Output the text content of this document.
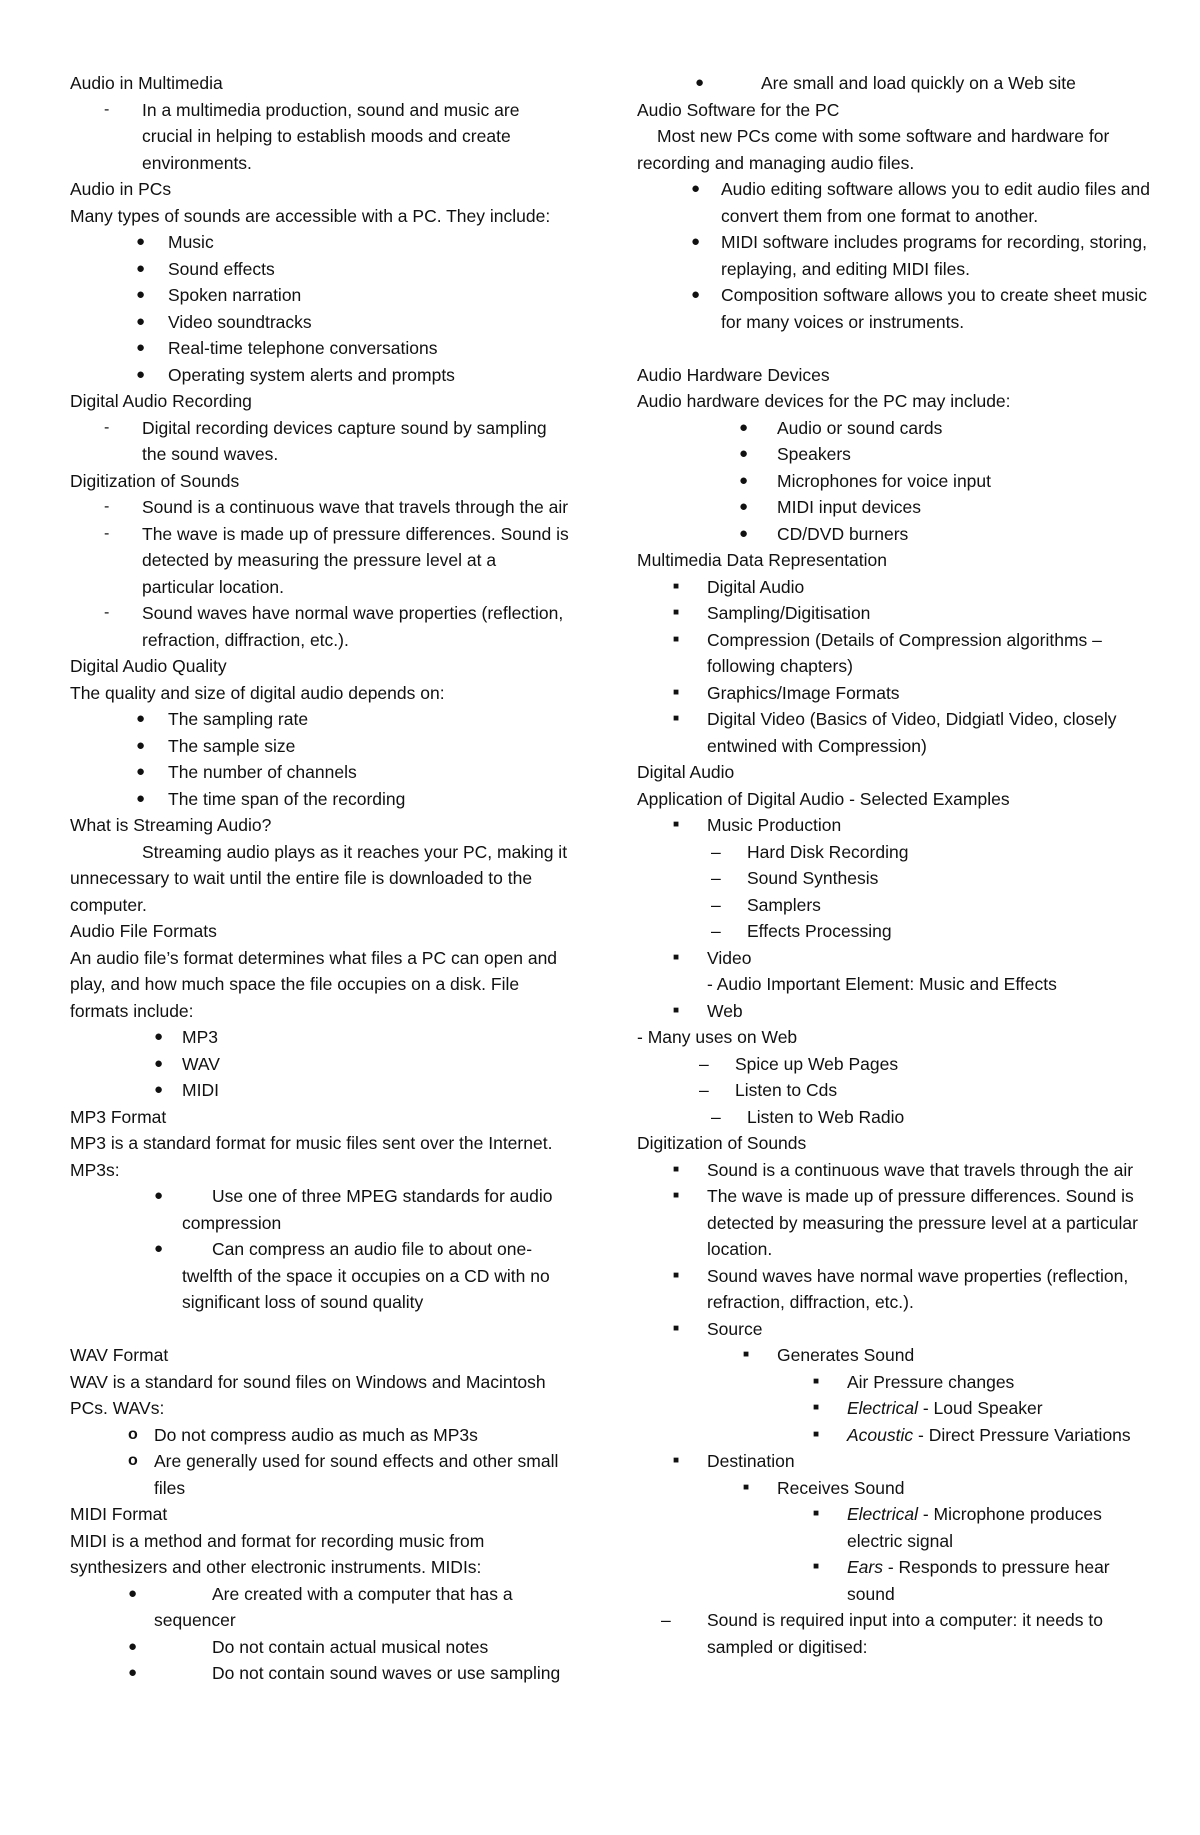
Audio in Multimedia
- In a multimedia production, sound and music are crucial in helping to establish moods and create environments.
Audio in PCs
Many types of sounds are accessible with a PC. They include:
● Music
● Sound effects
● Spoken narration
● Video soundtracks
● Real-time telephone conversations
● Operating system alerts and prompts
Digital Audio Recording
- Digital recording devices capture sound by sampling the sound waves.
Digitization of Sounds
- Sound is a continuous wave that travels through the air
- The wave is made up of pressure differences. Sound is detected by measuring the pressure level at a particular location.
- Sound waves have normal wave properties (reflection, refraction, diffraction, etc.).
Digital Audio Quality
The quality and size of digital audio depends on:
● The sampling rate
● The sample size
● The number of channels
● The time span of the recording
What is Streaming Audio?
Streaming audio plays as it reaches your PC, making it unnecessary to wait until the entire file is downloaded to the computer.
Audio File Formats
An audio file’s format determines what files a PC can open and play, and how much space the file occupies on a disk. File formats include:
● MP3
● WAV
● MIDI
MP3 Format
MP3 is a standard format for music files sent over the Internet. MP3s:
●	Use one of three MPEG standards for audio compression
●	Can compress an audio file to about one-twelfth of the space it occupies on a CD with no significant loss of sound quality
WAV Format
WAV is a standard for sound files on Windows and Macintosh PCs. WAVs:
o Do not compress audio as much as MP3s
o Are generally used for sound effects and other small files
MIDI Format
MIDI is a method and format for recording music from synthesizers and other electronic instruments. MIDIs:
●	Are created with a computer that has a sequencer
●	Do not contain actual musical notes
●	Do not contain sound waves or use sampling
●	Are small and load quickly on a Web site
Audio Software for the PC
Most new PCs come with some software and hardware for recording and managing audio files.
● Audio editing software allows you to edit audio files and convert them from one format to another.
● MIDI software includes programs for recording, storing, replaying, and editing MIDI files.
● Composition software allows you to create sheet music for many voices or instruments.
Audio Hardware Devices
Audio hardware devices for the PC may include:
● Audio or sound cards
● Speakers
● Microphones for voice input
● MIDI input devices
● CD/DVD burners
Multimedia Data Representation
■ Digital Audio
■ Sampling/Digitisation
■ Compression (Details of Compression algorithms – following chapters)
■ Graphics/Image Formats
■ Digital Video (Basics of Video, Didgiatl Video, closely entwined with Compression)
Digital Audio
Application of Digital Audio - Selected Examples
■ Music Production
– Hard Disk Recording
– Sound Synthesis
– Samplers
– Effects Processing
■ Video
- Audio Important Element: Music and Effects
■ Web
- Many uses on Web
– Spice up Web Pages
– Listen to Cds
– Listen to Web Radio
Digitization of Sounds
■ Sound is a continuous wave that travels through the air
■ The wave is made up of pressure differences. Sound is detected by measuring the pressure level at a particular location.
■ Sound waves have normal wave properties (reflection, refraction, diffraction, etc.).
■ Source
■ Generates Sound
■ Air Pressure changes
■ Electrical - Loud Speaker
■ Acoustic - Direct Pressure Variations
■ Destination
■ Receives Sound
■ Electrical - Microphone produces electric signal
■ Ears - Responds to pressure hear sound
– Sound is required input into a computer: it needs to sampled or digitised:
